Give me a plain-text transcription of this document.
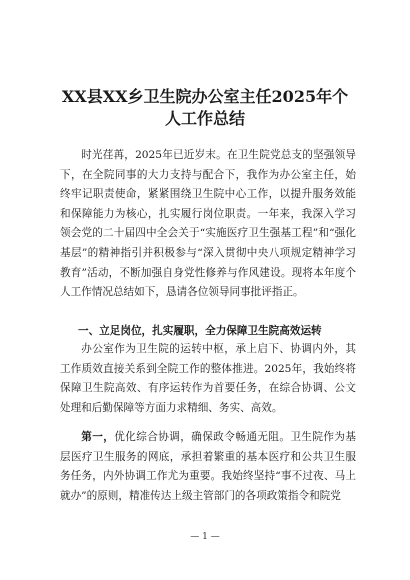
XX县XX乡卫生院办公室主任2025年个
人工作总结
时光荏苒，2025年已近岁末。在卫生院党总支的坚强领导下，在全院同事的大力支持与配合下，我作为办公室主任，始终牢记职责使命，紧紧围绕卫生院中心工作，以提升服务效能和保障能力为核心，扎实履行岗位职责。一年来，我深入学习领会党的二十届四中全会关于“实施医疗卫生强基工程”和“强化基层”的精神指引并积极参与“深入贯彻中央八项规定精神学习教育”活动，不断加强自身党性修养与作风建设。现将本年度个人工作情况总结如下，恳请各位领导同事批评指正。
一、立足岗位，扎实履职，全力保障卫生院高效运转
办公室作为卫生院的运转中枢，承上启下、协调内外，其工作质效直接关系到全院工作的整体推进。2025年，我始终将保障卫生院高效、有序运转作为首要任务，在综合协调、公文处理和后勤保障等方面力求精细、务实、高效。
第一，优化综合协调，确保政令畅通无阻。卫生院作为基层医疗卫生服务的网底，承担着繁重的基本医疗和公共卫生服务任务，内外协调工作尤为重要。我始终坚持“事不过夜、马上就办”的原则，精准传达上级主管部门的各项政策指令和院党
— 1 —
